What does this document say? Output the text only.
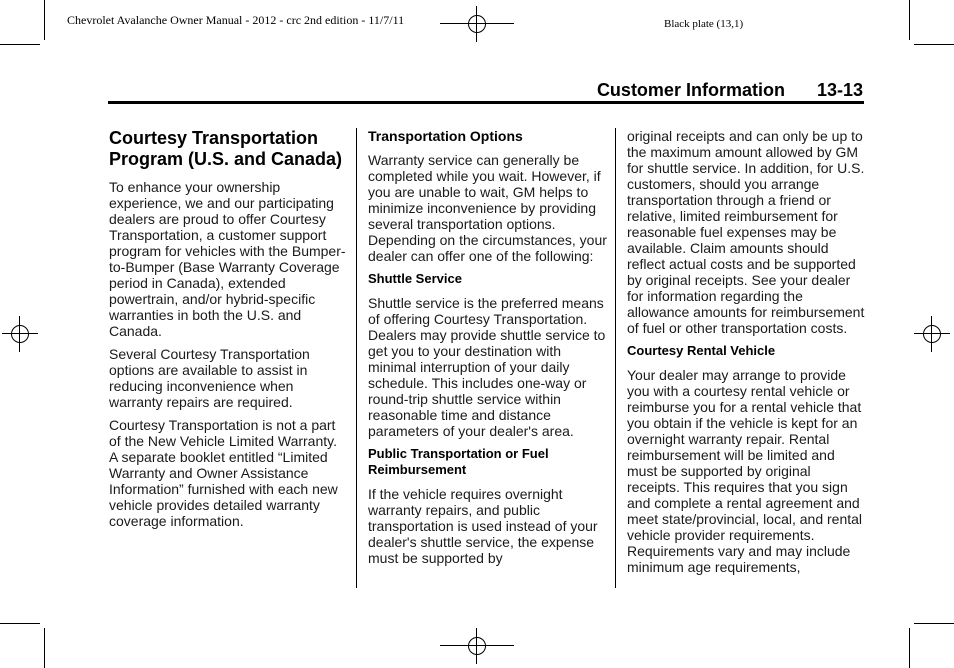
Chevrolet Avalanche Owner Manual - 2012 - crc 2nd edition - 11/7/11	Black plate (13,1)
Customer Information 13-13
Courtesy Transportation Program (U.S. and Canada)

To enhance your ownership experience, we and our participating dealers are proud to offer Courtesy Transportation, a customer support program for vehicles with the Bumper-to-Bumper (Base Warranty Coverage period in Canada), extended powertrain, and/or hybrid-specific warranties in both the U.S. and Canada.

Several Courtesy Transportation options are available to assist in reducing inconvenience when warranty repairs are required.

Courtesy Transportation is not a part of the New Vehicle Limited Warranty. A separate booklet entitled “Limited Warranty and Owner Assistance Information” furnished with each new vehicle provides detailed warranty coverage information.

Transportation Options

Warranty service can generally be completed while you wait. However, if you are unable to wait, GM helps to minimize inconvenience by providing several transportation options. Depending on the circumstances, your dealer can offer one of the following:

Shuttle Service

Shuttle service is the preferred means of offering Courtesy Transportation. Dealers may provide shuttle service to get you to your destination with minimal interruption of your daily schedule. This includes one-way or round-trip shuttle service within reasonable time and distance parameters of your dealer's area.

Public Transportation or Fuel Reimbursement

If the vehicle requires overnight warranty repairs, and public transportation is used instead of your dealer's shuttle service, the expense must be supported by

original receipts and can only be up to the maximum amount allowed by GM for shuttle service. In addition, for U.S. customers, should you arrange transportation through a friend or relative, limited reimbursement for reasonable fuel expenses may be available. Claim amounts should reflect actual costs and be supported by original receipts. See your dealer for information regarding the allowance amounts for reimbursement of fuel or other transportation costs.

Courtesy Rental Vehicle

Your dealer may arrange to provide you with a courtesy rental vehicle or reimburse you for a rental vehicle that you obtain if the vehicle is kept for an overnight warranty repair. Rental reimbursement will be limited and must be supported by original receipts. This requires that you sign and complete a rental agreement and meet state/provincial, local, and rental vehicle provider requirements. Requirements vary and may include minimum age requirements,
